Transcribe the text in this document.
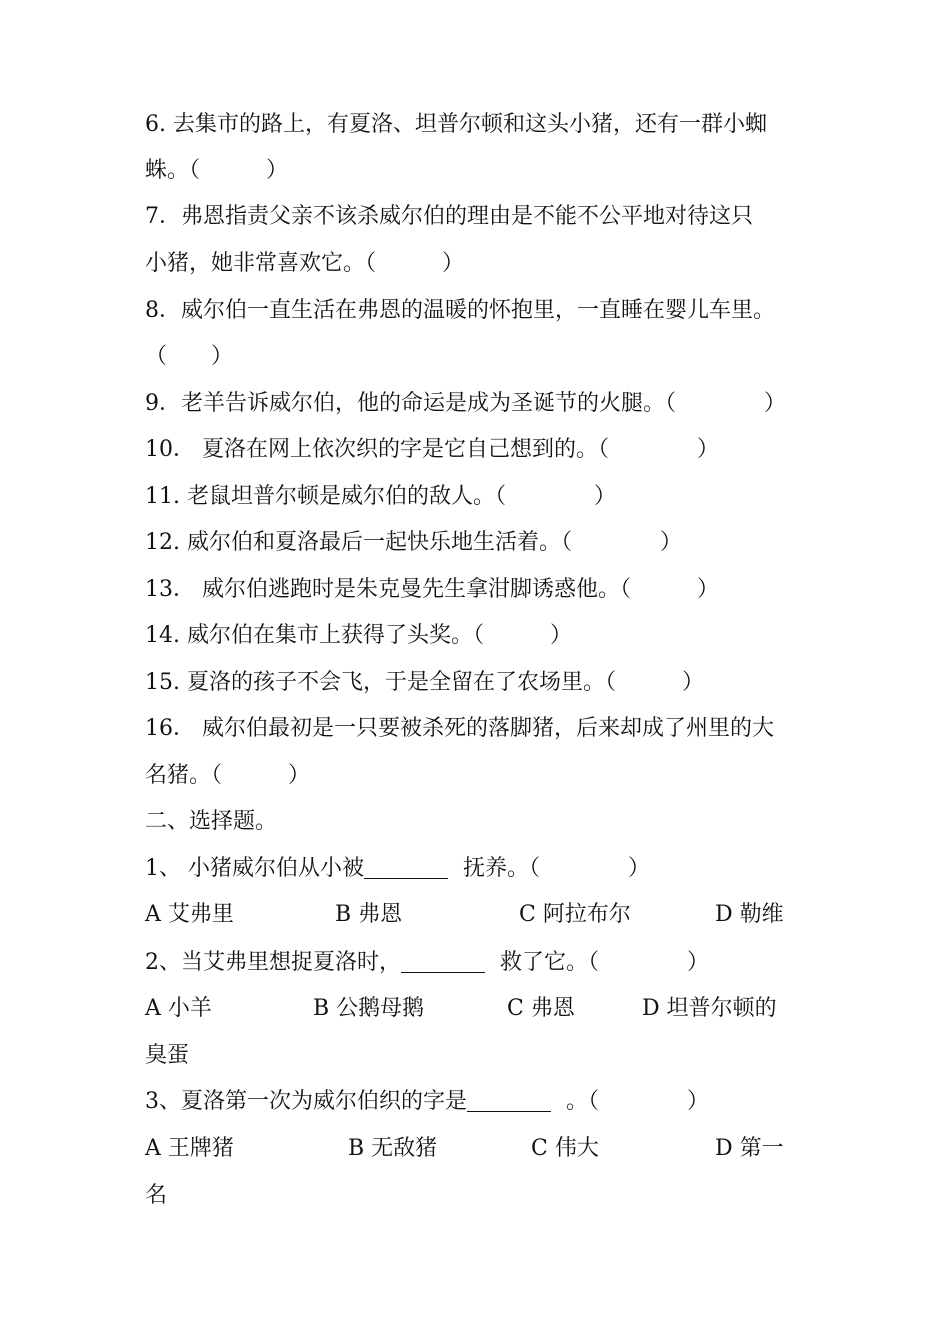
6. 去集市的路上，有夏洛、坦普尔顿和这头小猪，还有一群小蜘
蛛。（　　　）
7．弗恩指责父亲不该杀威尔伯的理由是不能不公平地对待这只
小猪，她非常喜欢它。（　　　）
8．威尔伯一直生活在弗恩的温暖的怀抱里，一直睡在婴儿车里。
（　　）
9．老羊告诉威尔伯，他的命运是成为圣诞节的火腿。（　　　　）
10． 夏洛在网上依次织的字是它自己想到的。（　　　　）
11. 老鼠坦普尔顿是威尔伯的敌人。（　　　　）
12. 威尔伯和夏洛最后一起快乐地生活着。（　　　　）
13． 威尔伯逃跑时是朱克曼先生拿泔脚诱惑他。（　　　）
14. 威尔伯在集市上获得了头奖。（　　　）
15. 夏洛的孩子不会飞，于是全留在了农场里。（　　　）
16． 威尔伯最初是一只要被杀死的落脚猪，后来却成了州里的大
名猪。（　　　）
二、选择题。
1、 小猪威尔伯从小被	抚养。（　　　　）
A 艾弗里	B 弗恩	C 阿拉布尔	D 勒维
2、当艾弗里想捉夏洛时，	救了它。（　　　　）
A 小羊	B 公鹅母鹅	C 弗恩	D 坦普尔顿的
臭蛋
3、夏洛第一次为威尔伯织的字是	。（　　　　）
A 王牌猪	B 无敌猪	C 伟大	D 第一
名
